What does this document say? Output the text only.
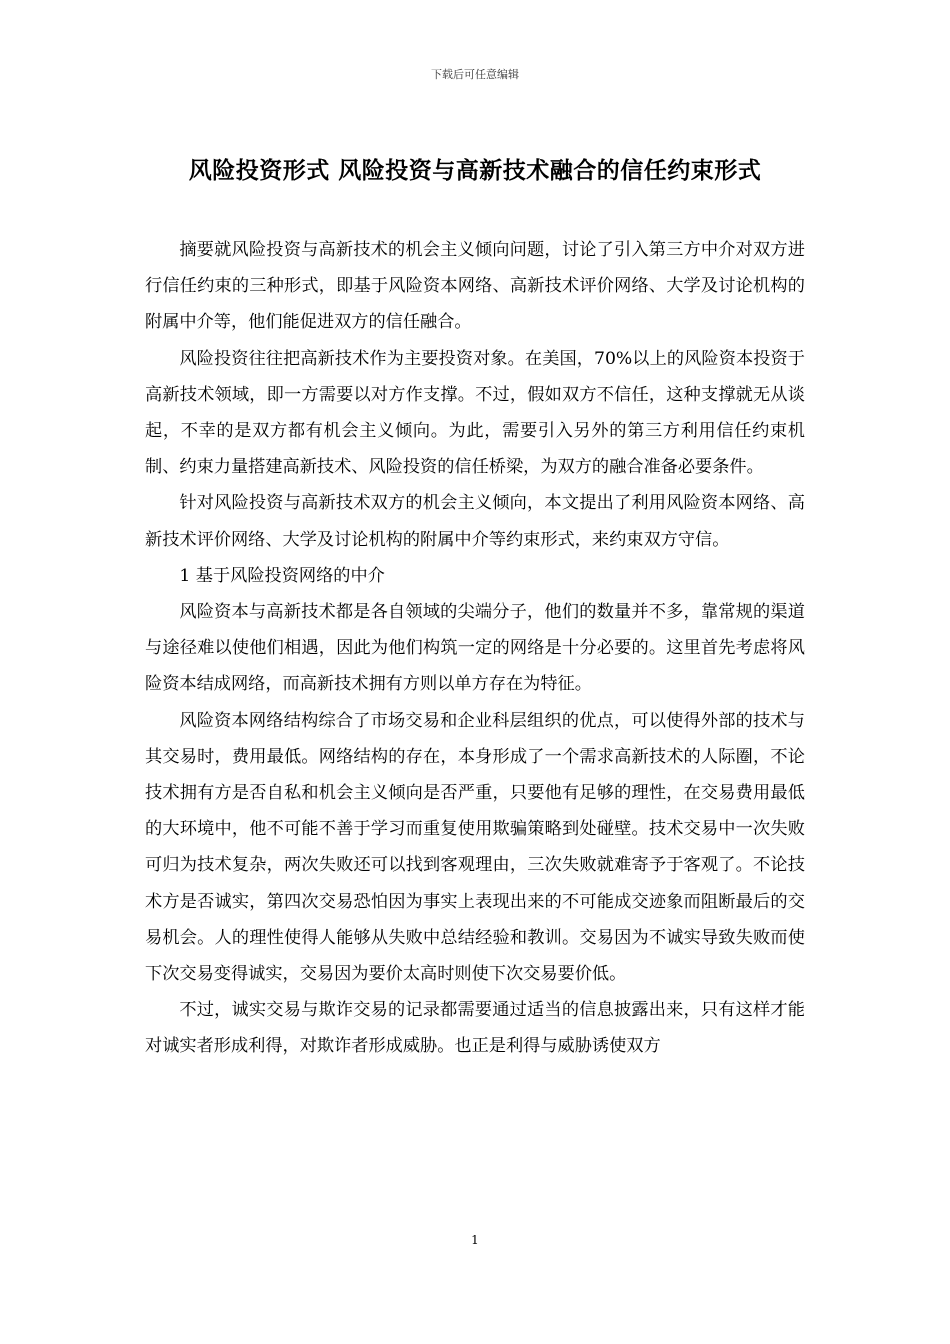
下载后可任意编辑
风险投资形式 风险投资与高新技术融合的信任约束形式

摘要就风险投资与高新技术的机会主义倾向问题，讨论了引入第三方中介对双方进行信任约束的三种形式，即基于风险资本网络、高新技术评价网络、大学及讨论机构的附属中介等，他们能促进双方的信任融合。

风险投资往往把高新技术作为主要投资对象。在美国，70%以上的风险资本投资于高新技术领域，即一方需要以对方作支撑。不过，假如双方不信任，这种支撑就无从谈起，不幸的是双方都有机会主义倾向。为此，需要引入另外的第三方利用信任约束机制、约束力量搭建高新技术、风险投资的信任桥梁，为双方的融合准备必要条件。

针对风险投资与高新技术双方的机会主义倾向，本文提出了利用风险资本网络、高新技术评价网络、大学及讨论机构的附属中介等约束形式，来约束双方守信。

1 基于风险投资网络的中介

风险资本与高新技术都是各自领域的尖端分子，他们的数量并不多，靠常规的渠道与途径难以使他们相遇，因此为他们构筑一定的网络是十分必要的。这里首先考虑将风险资本结成网络，而高新技术拥有方则以单方存在为特征。

风险资本网络结构综合了市场交易和企业科层组织的优点，可以使得外部的技术与其交易时，费用最低。网络结构的存在，本身形成了一个需求高新技术的人际圈，不论技术拥有方是否自私和机会主义倾向是否严重，只要他有足够的理性，在交易费用最低的大环境中，他不可能不善于学习而重复使用欺骗策略到处碰壁。技术交易中一次失败可归为技术复杂，两次失败还可以找到客观理由，三次失败就难寄予于客观了。不论技术方是否诚实，第四次交易恐怕因为事实上表现出来的不可能成交迹象而阻断最后的交易机会。人的理性使得人能够从失败中总结经验和教训。交易因为不诚实导致失败而使下次交易变得诚实，交易因为要价太高时则使下次交易要价低。

不过，诚实交易与欺诈交易的记录都需要通过适当的信息披露出来，只有这样才能对诚实者形成利得，对欺诈者形成威胁。也正是利得与威胁诱使双方

1
